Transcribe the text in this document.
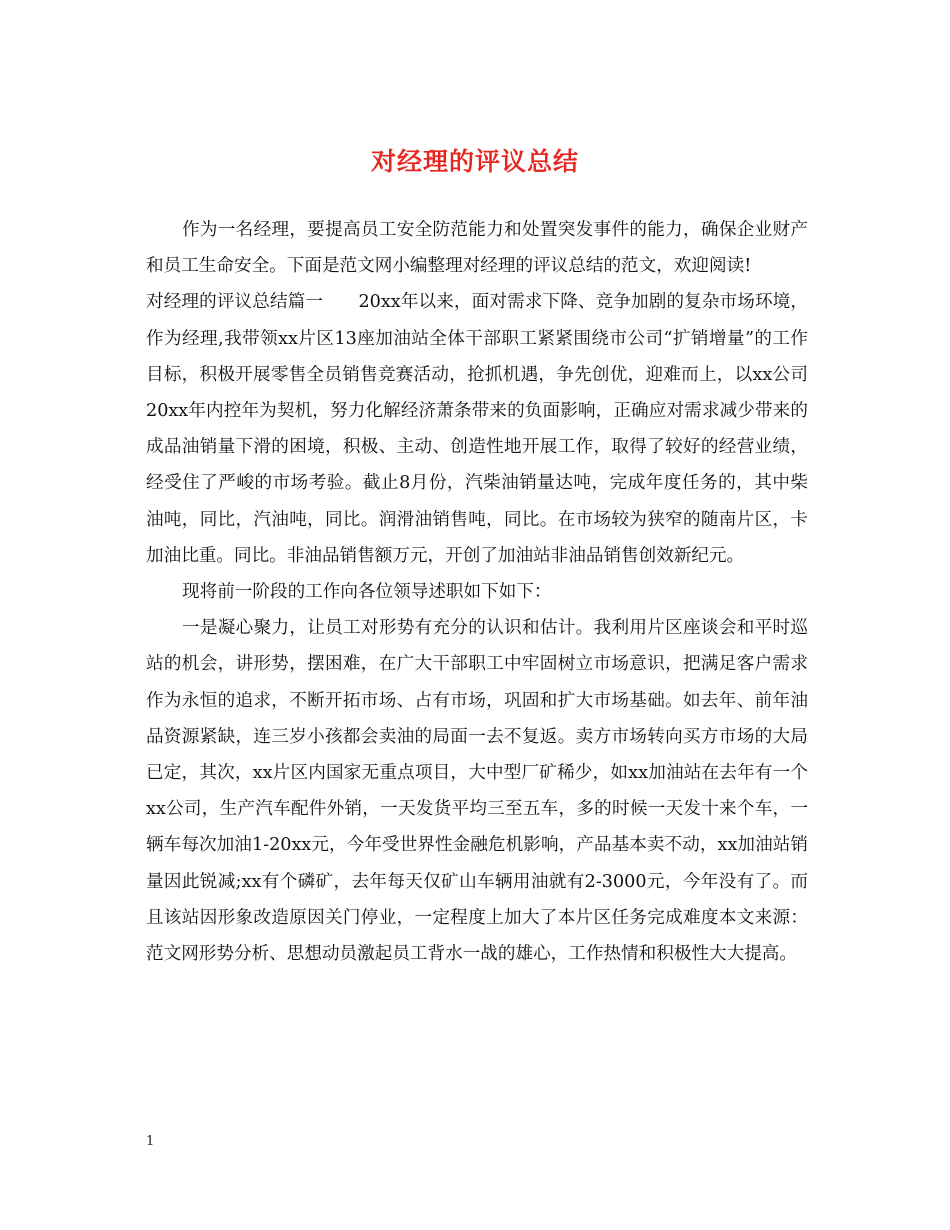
对经理的评议总结

作为一名经理，要提高员工安全防范能力和处置突发事件的能力，确保企业财产和员工生命安全。下面是范文网小编整理对经理的评议总结的范文，欢迎阅读!

对经理的评议总结篇一　　20xx年以来，面对需求下降、竞争加剧的复杂市场环境，作为经理,我带领xx片区13座加油站全体干部职工紧紧围绕市公司“扩销增量”的工作目标，积极开展零售全员销售竞赛活动，抢抓机遇，争先创优，迎难而上，以xx公司20xx年内控年为契机，努力化解经济萧条带来的负面影响，正确应对需求减少带来的成品油销量下滑的困境，积极、主动、创造性地开展工作，取得了较好的经营业绩，经受住了严峻的市场考验。截止8月份，汽柴油销量达吨，完成年度任务的，其中柴油吨，同比，汽油吨，同比。润滑油销售吨，同比。在市场较为狭窄的随南片区，卡加油比重。同比。非油品销售额万元，开创了加油站非油品销售创效新纪元。

现将前一阶段的工作向各位领导述职如下如下：

一是凝心聚力，让员工对形势有充分的认识和估计。我利用片区座谈会和平时巡站的机会，讲形势，摆困难，在广大干部职工中牢固树立市场意识，把满足客户需求作为永恒的追求，不断开拓市场、占有市场，巩固和扩大市场基础。如去年、前年油品资源紧缺，连三岁小孩都会卖油的局面一去不复返。卖方市场转向买方市场的大局已定，其次，xx片区内国家无重点项目，大中型厂矿稀少，如xx加油站在去年有一个xx公司，生产汽车配件外销，一天发货平均三至五车，多的时候一天发十来个车，一辆车每次加油1-20xx元，今年受世界性金融危机影响，产品基本卖不动，xx加油站销量因此锐减;xx有个磷矿，去年每天仅矿山车辆用油就有2-3000元，今年没有了。而且该站因形象改造原因关门停业，一定程度上加大了本片区任务完成难度本文来源：范文网形势分析、思想动员激起员工背水一战的雄心，工作热情和积极性大大提高。

1
